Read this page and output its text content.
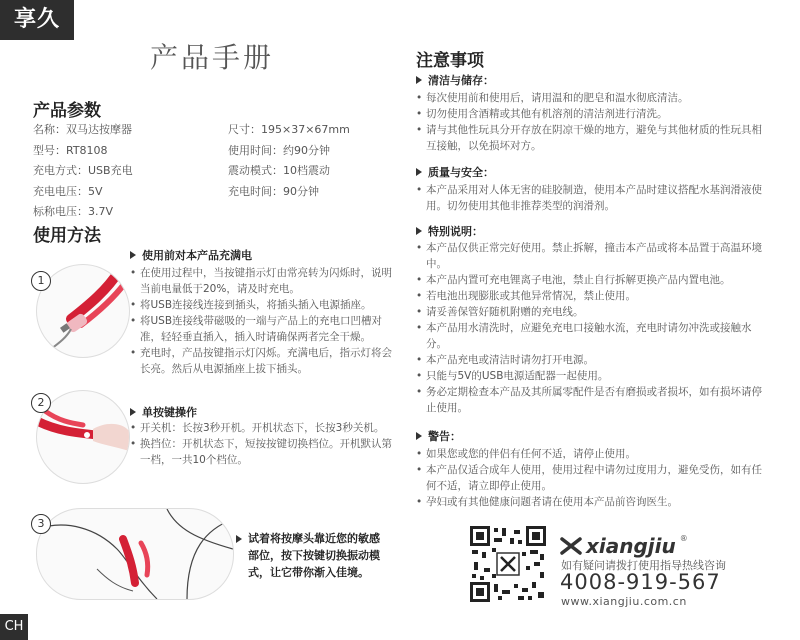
享久
CH
产品手册
产品参数
名称：双马达按摩器
型号：RT8108
充电方式：USB充电
充电电压：5V
标称电压：3.7V
尺寸：195×37×67mm
使用时间：约90分钟
震动模式：10档震动
充电时间：90分钟
使用方法
1
使用前对本产品充满电
• 在使用过程中，当按键指示灯由常亮转为闪烁时，说明当前电量低于20%，请及时充电。
• 将USB连接线连接到插头，将插头插入电源插座。
• 将USB连接线带磁吸的一端与产品上的充电口凹槽对准，轻轻垂直插入，插入时请确保两者完全干燥。
• 充电时，产品按键指示灯闪烁。充满电后，指示灯将会长亮。然后从电源插座上拔下插头。
2
单按键操作
• 开关机：长按3秒开机。开机状态下，长按3秒关机。
• 换挡位：开机状态下，短按按键切换档位。开机默认第一档，一共10个档位。
3
试着将按摩头靠近您的敏感部位，按下按键切换振动模式，让它带你渐入佳境。
注意事项
清洁与储存：
• 每次使用前和使用后，请用温和的肥皂和温水彻底清洁。
• 切勿使用含酒精或其他有机溶剂的清洁剂进行清洗。
• 请与其他性玩具分开存放在阴凉干燥的地方，避免与其他材质的性玩具相互接触，以免损坏对方。
质量与安全：
• 本产品采用对人体无害的硅胶制造，使用本产品时建议搭配水基润滑液使用。切勿使用其他非推荐类型的润滑剂。
特别说明：
• 本产品仅供正常完好使用。禁止拆解，撞击本产品或将本品置于高温环境中。
• 本产品内置可充电锂离子电池，禁止自行拆解更换产品内置电池。
• 若电池出现膨胀或其他异常情况，禁止使用。
• 请妥善保管好随机附赠的充电线。
• 本产品用水清洗时，应避免充电口接触水流，充电时请勿冲洗或接触水分。
• 本产品充电或清洁时请勿打开电源。
• 只能与5V的USB电源适配器一起使用。
• 务必定期检查本产品及其所属零配件是否有磨损或者损坏，如有损坏请停止使用。
警告：
• 如果您或您的伴侣有任何不适，请停止使用。
• 本产品仅适合成年人使用，使用过程中请勿过度用力，避免受伤，如有任何不适，请立即停止使用。
• 孕妇或有其他健康问题者请在使用本产品前咨询医生。
xiangjiu ®
如有疑问请拨打使用指导热线咨询
4008-919-567
www.xiangjiu.com.cn
